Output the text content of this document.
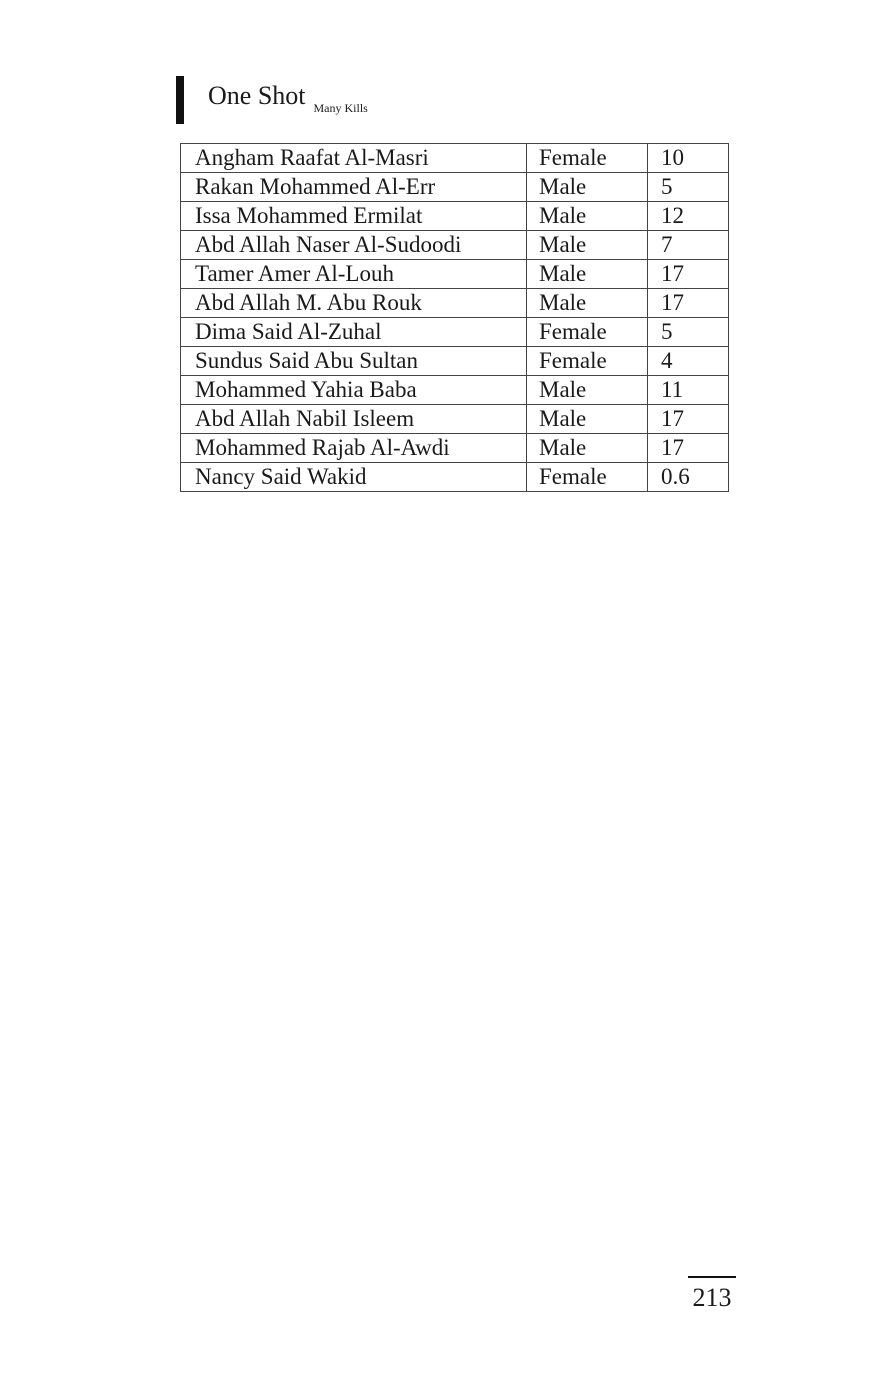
One Shot $_{Many Kills}$
Angham Raafat Al-Masri	Female	10
Rakan Mohammed Al-Err	Male	5
Issa Mohammed Ermilat	Male	12
Abd Allah Naser Al-Sudoodi	Male	7
Tamer Amer Al-Louh	Male	17
Abd Allah M. Abu Rouk	Male	17
Dima Said Al-Zuhal	Female	5
Sundus Said Abu Sultan	Female	4
Mohammed Yahia Baba	Male	11
Abd Allah Nabil Isleem	Male	17
Mohammed Rajab Al-Awdi	Male	17
Nancy Said Wakid	Female	0.6
213
